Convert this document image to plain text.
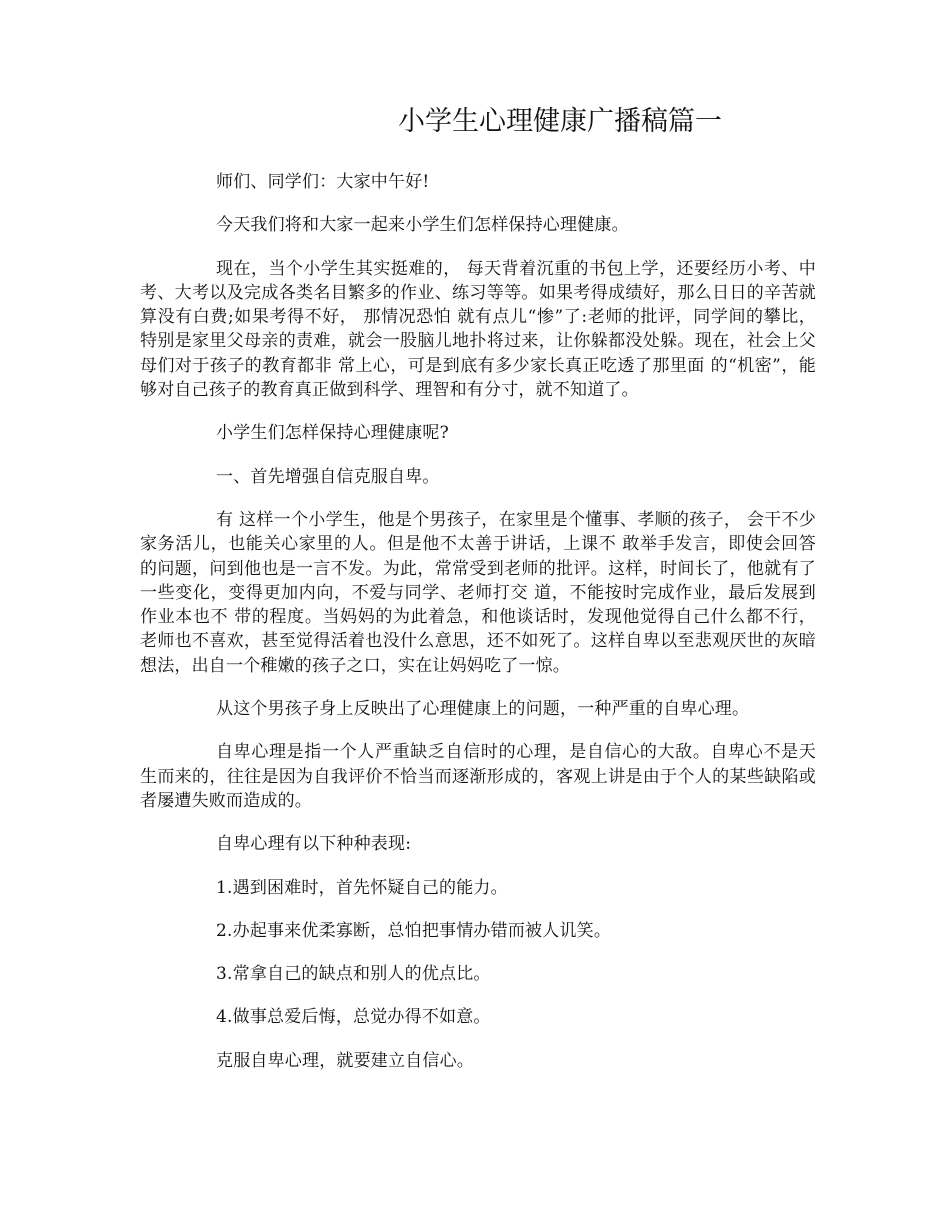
小学生心理健康广播稿篇一

师们、同学们：大家中午好!

今天我们将和大家一起来小学生们怎样保持心理健康。

现在，当个小学生其实挺难的， 每天背着沉重的书包上学，还要经历小考、中考、大考以及完成各类名目繁多的作业、练习等等。如果考得成绩好，那么日日的辛苦就算没有白费;如果考得不好， 那情况恐怕 就有点儿“惨”了:老师的批评，同学间的攀比，特别是家里父母亲的责难，就会一股脑儿地扑将过来，让你躲都没处躲。现在，社会上父母们对于孩子的教育都非 常上心，可是到底有多少家长真正吃透了那里面 的“机密”，能够对自己孩子的教育真正做到科学、理智和有分寸，就不知道了。

小学生们怎样保持心理健康呢?

一、首先增强自信克服自卑。

有 这样一个小学生，他是个男孩子，在家里是个懂事、孝顺的孩子， 会干不少家务活儿，也能关心家里的人。但是他不太善于讲话，上课不 敢举手发言，即使会回答的问题，问到他也是一言不发。为此，常常受到老师的批评。这样，时间长了，他就有了一些变化，变得更加内向，不爱与同学、老师打交 道，不能按时完成作业，最后发展到作业本也不 带的程度。当妈妈的为此着急，和他谈话时，发现他觉得自己什么都不行，老师也不喜欢，甚至觉得活着也没什么意思，还不如死了。这样自卑以至悲观厌世的灰暗 想法，出自一个稚嫩的孩子之口，实在让妈妈吃了一惊。

从这个男孩子身上反映出了心理健康上的问题，一种严重的自卑心理。

自卑心理是指一个人严重缺乏自信时的心理，是自信心的大敌。自卑心不是天生而来的，往往是因为自我评价不恰当而逐渐形成的，客观上讲是由于个人的某些缺陷或者屡遭失败而造成的。

自卑心理有以下种种表现:

1.遇到困难时，首先怀疑自己的能力。

2.办起事来优柔寡断，总怕把事情办错而被人讥笑。

3.常拿自己的缺点和别人的优点比。

4.做事总爱后悔，总觉办得不如意。

克服自卑心理，就要建立自信心。
